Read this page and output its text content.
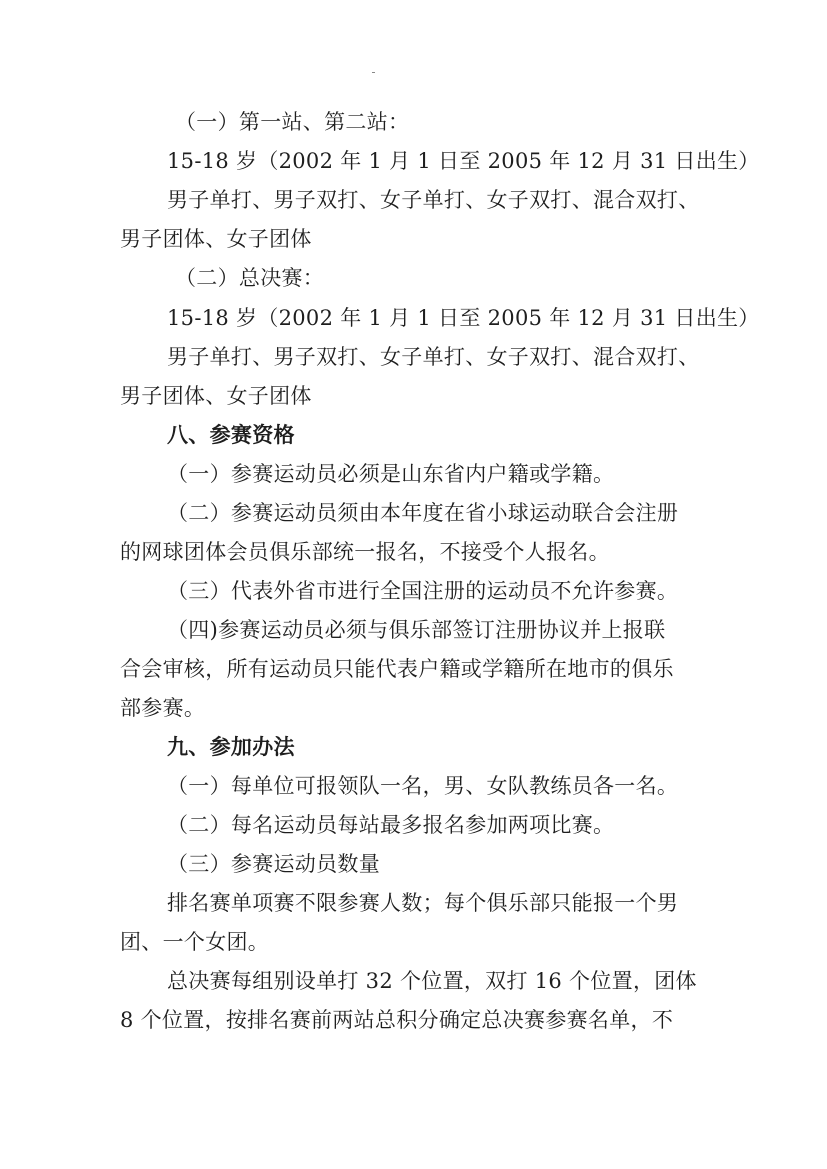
（一）第一站、第二站：
15-18 岁（2002 年 1 月 1 日至 2005 年 12 月 31 日出生）
男子单打、男子双打、女子单打、女子双打、混合双打、
男子团体、女子团体
（二）总决赛：
15-18 岁（2002 年 1 月 1 日至 2005 年 12 月 31 日出生）
男子单打、男子双打、女子单打、女子双打、混合双打、
男子团体、女子团体
八、参赛资格
（一）参赛运动员必须是山东省内户籍或学籍。
（二）参赛运动员须由本年度在省小球运动联合会注册
的网球团体会员俱乐部统一报名，不接受个人报名。
（三）代表外省市进行全国注册的运动员不允许参赛。
（四)参赛运动员必须与俱乐部签订注册协议并上报联
合会审核，所有运动员只能代表户籍或学籍所在地市的俱乐
部参赛。
九、参加办法
（一）每单位可报领队一名，男、女队教练员各一名。
（二）每名运动员每站最多报名参加两项比赛。
（三）参赛运动员数量
排名赛单项赛不限参赛人数；每个俱乐部只能报一个男
团、一个女团。
总决赛每组别设单打 32 个位置，双打 16 个位置，团体
8 个位置，按排名赛前两站总积分确定总决赛参赛名单，不
